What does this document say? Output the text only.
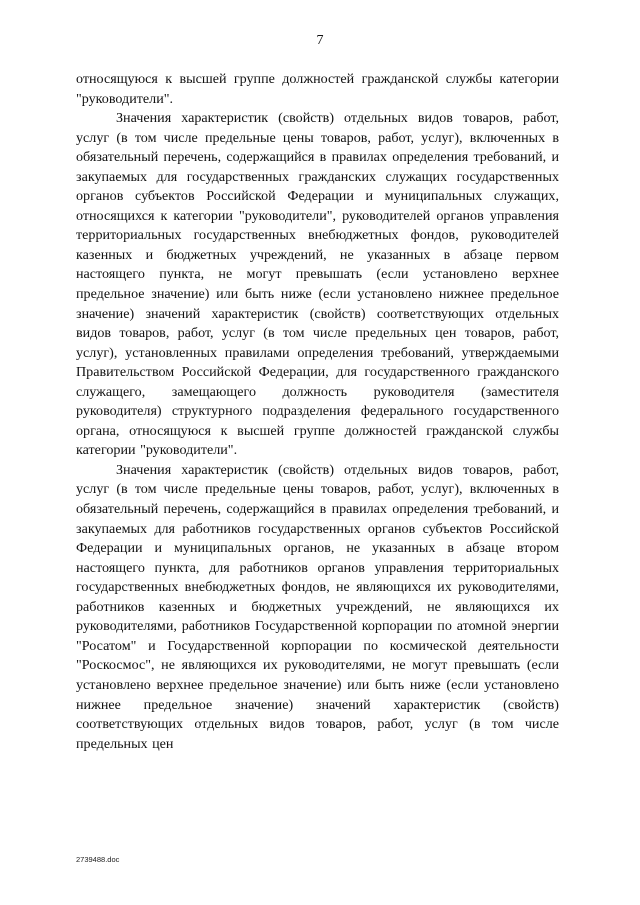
7

относящуюся к высшей группе должностей гражданской службы категории "руководители".

Значения характеристик (свойств) отдельных видов товаров, работ, услуг (в том числе предельные цены товаров, работ, услуг), включенных в обязательный перечень, содержащийся в правилах определения требований, и закупаемых для государственных гражданских служащих государственных органов субъектов Российской Федерации и муниципальных служащих, относящихся к категории "руководители", руководителей органов управления территориальных государственных внебюджетных фондов, руководителей казенных и бюджетных учреждений, не указанных в абзаце первом настоящего пункта, не могут превышать (если установлено верхнее предельное значение) или быть ниже (если установлено нижнее предельное значение) значений характеристик (свойств) соответствующих отдельных видов товаров, работ, услуг (в том числе предельных цен товаров, работ, услуг), установленных правилами определения требований, утверждаемыми Правительством Российской Федерации, для государственного гражданского служащего, замещающего должность руководителя (заместителя руководителя) структурного подразделения федерального государственного органа, относящуюся к высшей группе должностей гражданской службы категории "руководители".

Значения характеристик (свойств) отдельных видов товаров, работ, услуг (в том числе предельные цены товаров, работ, услуг), включенных в обязательный перечень, содержащийся в правилах определения требований, и закупаемых для работников государственных органов субъектов Российской Федерации и муниципальных органов, не указанных в абзаце втором настоящего пункта, для работников органов управления территориальных государственных внебюджетных фондов, не являющихся их руководителями, работников казенных и бюджетных учреждений, не являющихся их руководителями, работников Государственной корпорации по атомной энергии "Росатом" и Государственной корпорации по космической деятельности "Роскосмос", не являющихся их руководителями, не могут превышать (если установлено верхнее предельное значение) или быть ниже (если установлено нижнее предельное значение) значений характеристик (свойств) соответствующих отдельных видов товаров, работ, услуг (в том числе предельных цен

2739488.doc
